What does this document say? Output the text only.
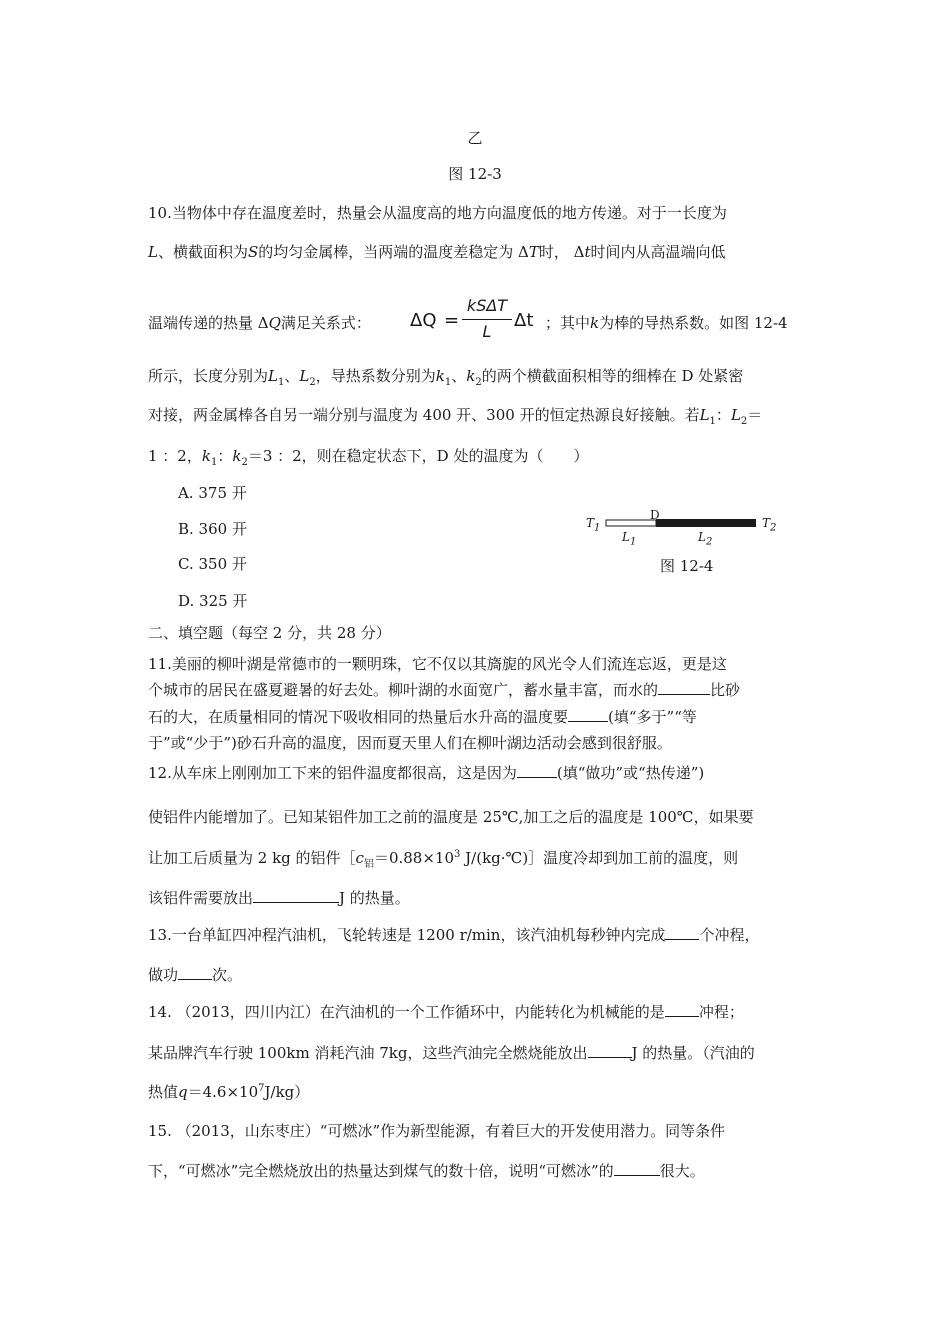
乙
图 12-3
10.当物体中存在温度差时，热量会从温度高的地方向温度低的地方传递。对于一长度为
L、横截面积为S的均匀金属棒，当两端的温度差稳定为 ΔT时， Δt时间内从高温端向低
温端传递的热量 ΔQ满足关系式： ΔQ =
kSΔT
L
Δt ；其中k为棒的导热系数。如图 12-4
所示，长度分别为$L_1$、$L_2$，导热系数分别为$k_1$、$k_2$的两个横截面积相等的细棒在 D 处紧密
对接，两金属棒各自另一端分别与温度为 400 开、300 开的恒定热源良好接触。若$L_1$：$L_2=$
1 ：2，$k_1$：$k_2=3$ ：2，则在稳定状态下，D 处的温度为（　　）
A. 375 开
B. 360 开
C. 350 开
D. 325 开
$T_1$
D
$T_2$
$L_1$	$L_2$
图 12-4
二、填空题（每空 2 分，共 28 分）
11.美丽的柳叶湖是常德市的一颗明珠，它不仅以其旖旎的风光令人们流连忘返，更是这
个城市的居民在盛夏避暑的好去处。柳叶湖的水面宽广，蓄水量丰富，而水的	比砂
石的大，在质量相同的情况下吸收相同的热量后水升高的温度要	(填“多于”“等
于”或“少于”)砂石升高的温度，因而夏天里人们在柳叶湖边活动会感到很舒服。
12.从车床上刚刚加工下来的铝件温度都很高，这是因为	(填“做功”或“热传递”)
使铝件内能增加了。已知某铝件加工之前的温度是 25℃,加工之后的温度是 100℃，如果要
让加工后质量为 2 kg 的铝件$[c_铝=0.88\times 10^3$ J/(kg·℃)］温度冷却到加工前的温度，则
该铝件需要放出	J 的热量。
13.一台单缸四冲程汽油机，飞轮转速是 1200 r/min，该汽油机每秒钟内完成 个冲程，
做功 次。
14. （2013，四川内江）在汽油机的一个工作循环中，内能转化为机械能的是 冲程；
某品牌汽车行驶 100km 消耗汽油 7kg，这些汽油完全燃烧能放出	J 的热量。（汽油的
热值$q=4.6\times 10^7J/kg$）
15. （2013，山东枣庄）“可燃冰”作为新型能源，有着巨大的开发使用潜力。同等条件
下，“可燃冰”完全燃烧放出的热量达到煤气的数十倍，说明“可燃冰”的	很大。
